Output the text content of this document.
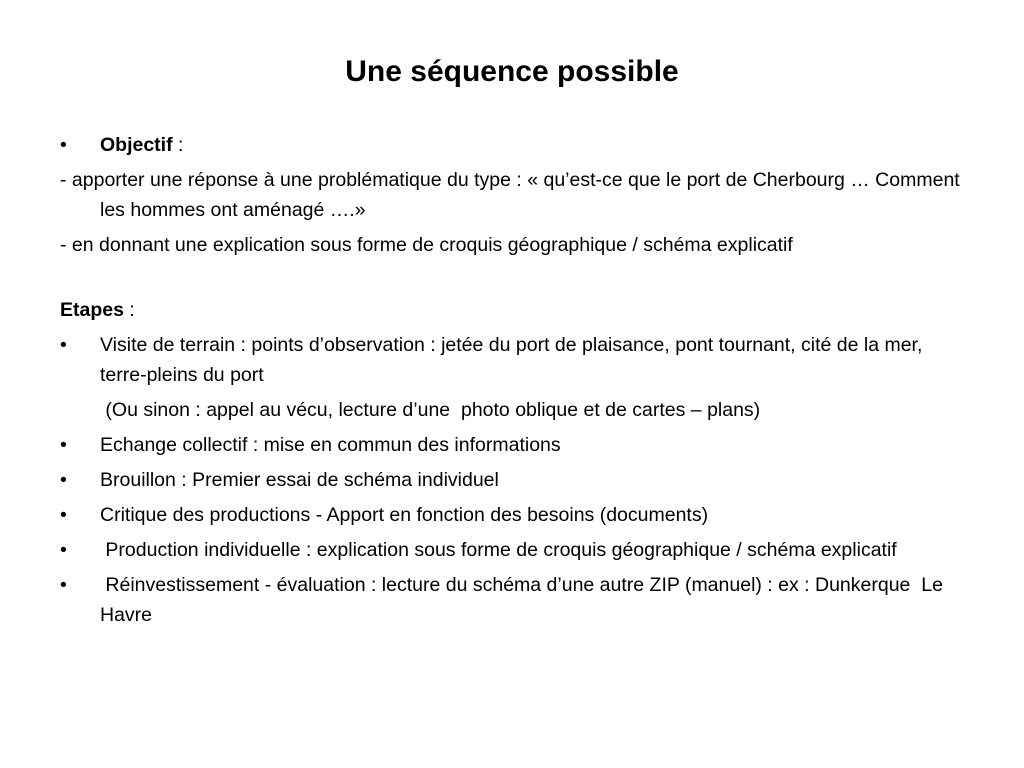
Une séquence possible
•	Objectif :
- apporter une réponse à une problématique du type : « qu’est-ce que le port de Cherbourg … Comment les hommes ont aménagé ….»
- en donnant une explication sous forme de croquis géographique / schéma explicatif
Etapes :
•	Visite de terrain : points d’observation : jetée du port de plaisance, pont tournant, cité de la mer, terre-pleins du port
(Ou sinon : appel au vécu, lecture d’une  photo oblique et de cartes – plans)
•	Echange collectif : mise en commun des informations
•	Brouillon : Premier essai de schéma individuel
•	Critique des productions - Apport en fonction des besoins (documents)
•	Production individuelle : explication sous forme de croquis géographique / schéma explicatif
•	Réinvestissement - évaluation : lecture du schéma d’une autre ZIP (manuel) : ex : Dunkerque  Le Havre
